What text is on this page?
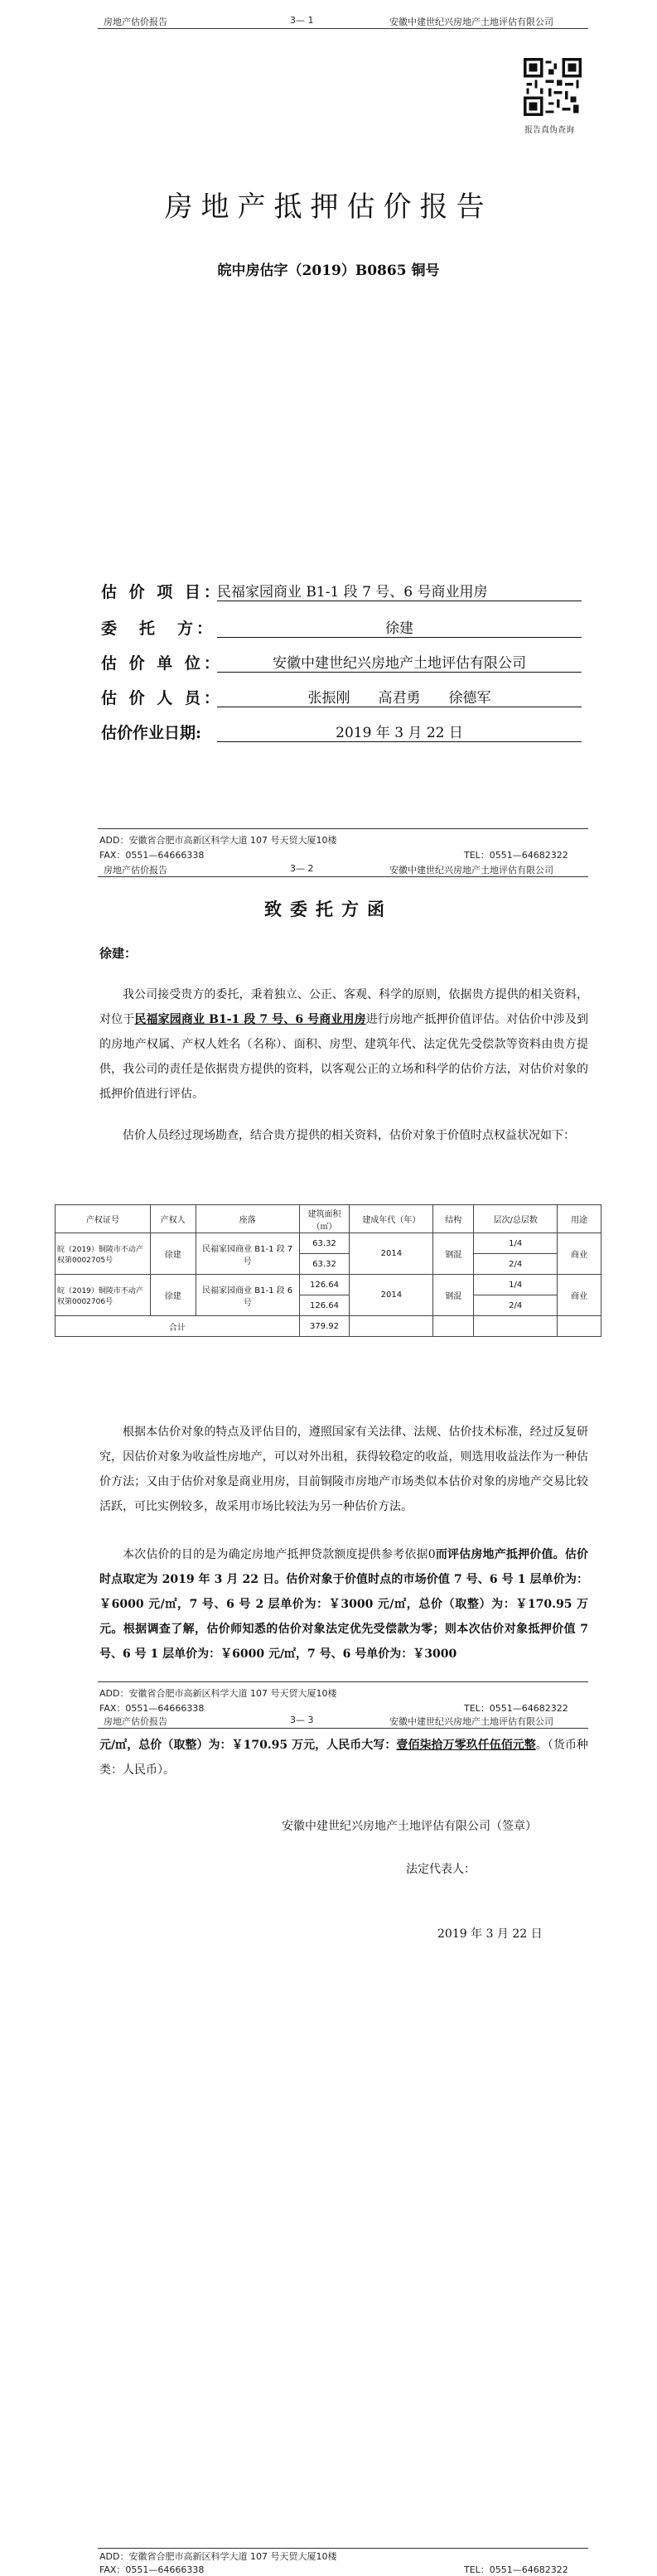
房地产估价报告	3— 1	安徽中建世纪兴房地产土地评估有限公司
报告真伪查询
房地产抵押估价报告
皖中房估字（2019）B0865 铜号
估 价 项 目：
民福家园商业 B1-1 段 7 号、6 号商业用房
委　托　方：	徐建
估 价 单 位：	安徽中建世纪兴房地产土地评估有限公司
估 价 人 员：	张振刚　　高君勇　　徐德军
估价作业日期:	2019 年 3 月 22 日
ADD：安徽省合肥市高新区科学大道 107 号天贸大厦10楼
FAX：0551—64666338	TEL：0551—64682322
房地产估价报告	3— 2	安徽中建世纪兴房地产土地评估有限公司
致委托方函
徐建：
我公司接受贵方的委托，秉着独立、公正、客观、科学的原则，依据贵方提供的相关资料，对位于民福家园商业 B1-1 段 7 号、6 号商业用房进行房地产抵押价值评估。对估价中涉及到的房地产权属、产权人姓名（名称）、面积、房型、建筑年代、法定优先受偿款等资料由贵方提供，我公司的责任是依据贵方提供的资料，以客观公正的立场和科学的估价方法，对估价对象的抵押价值进行评估。
估价人员经过现场勘查，结合贵方提供的相关资料，估价对象于价值时点权益状况如下：
产权证号	产权人	座落	建筑面积（㎡）	建成年代（年）	结构	层次/总层数	用途
皖（2019）铜陵市不动产权第0002705号	徐建	民福家园商业 B1-1 段 7 号	63.32	2014	钢混	1/4	商业
			63.32			2/4	
皖（2019）铜陵市不动产权第0002706号	徐建	民福家园商业 B1-1 段 6 号	126.64	2014	钢混	1/4	商业
			126.64			2/4	
合计			379.92				
根据本估价对象的特点及评估目的，遵照国家有关法律、法规、估价技术标准，经过反复研究，因估价对象为收益性房地产，可以对外出租，获得较稳定的收益，则选用收益法作为一种估价方法；又由于估价对象是商业用房，目前铜陵市房地产市场类似本估价对象的房地产交易比较活跃，可比实例较多，故采用市场比较法为另一种估价方法。
本次估价的目的是为确定房地产抵押贷款额度提供参考依据0而评估房地产抵押价值。估价时点取定为 2019 年 3 月 22 日。估价对象于价值时点的市场价值 7 号、6 号 1 层单价为：￥6000 元/㎡，7 号、6 号 2 层单价为：￥3000 元/㎡，总价（取整）为：￥170.95 万元。根据调查了解，估价师知悉的估价对象法定优先受偿款为零；则本次估价对象抵押价值 7 号、6 号 1 层单价为：￥6000 元/㎡，7 号、6 号单价为：￥3000
ADD：安徽省合肥市高新区科学大道 107 号天贸大厦10楼
FAX：0551—64666338	TEL：0551—64682322
房地产估价报告	3— 3	安徽中建世纪兴房地产土地评估有限公司
元/㎡，总价（取整）为：￥170.95 万元，人民币大写：壹佰柒拾万零玖仟伍佰元整。（货币种类：人民币）。
安徽中建世纪兴房地产土地评估有限公司（签章）
法定代表人：
2019 年 3 月 22 日
ADD：安徽省合肥市高新区科学大道 107 号天贸大厦10楼
FAX：0551—64666338	TEL：0551—64682322
